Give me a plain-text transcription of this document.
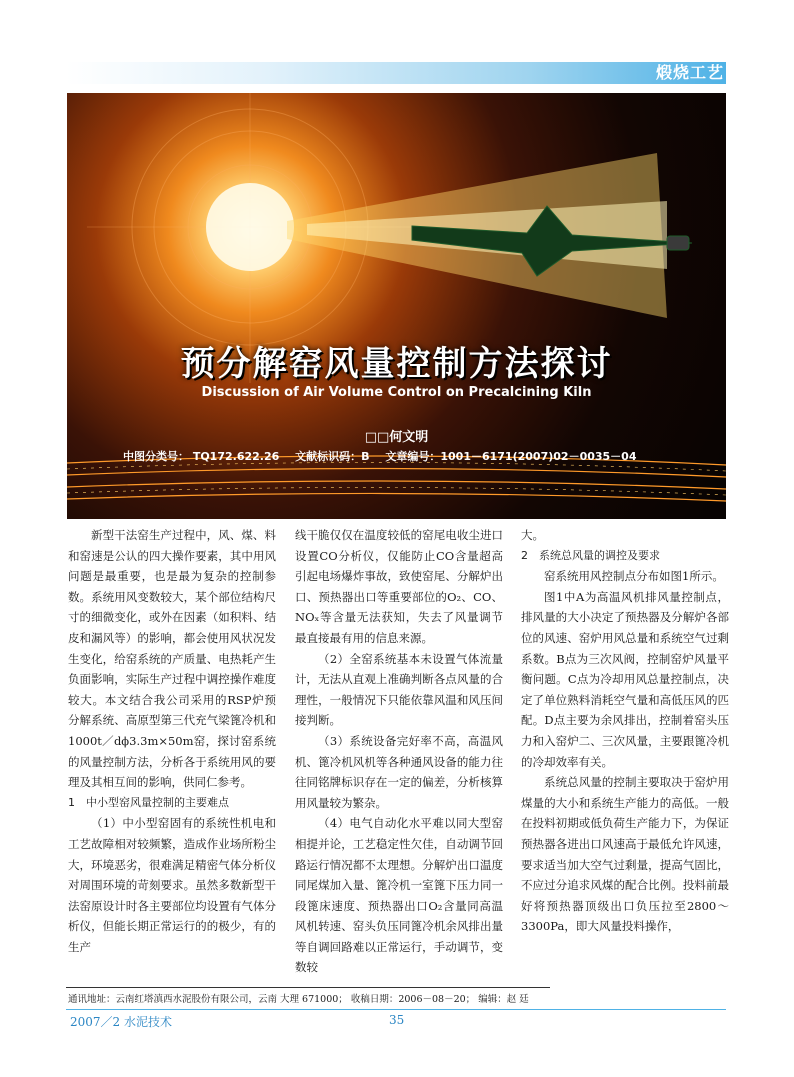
煅烧工艺
预分解窑风量控制方法探讨
Discussion of Air Volume Control on Precalcining Kiln
□□何文明
中图分类号： TQ172.622.26 文献标识码：B 文章编号：1001－6171(2007)02－0035－04

新型干法窑生产过程中，风、煤、料和窑速是公认的四大操作要素，其中用风问题是最重要，也是最为复杂的控制参数。系统用风变数较大，某个部位结构尺寸的细微变化，或外在因素（如积料、结皮和漏风等）的影响，都会使用风状况发生变化，给窑系统的产质量、电热耗产生负面影响，实际生产过程中调控操作难度较大。本文结合我公司采用的RSP炉预分解系统、高原型第三代充气梁篦冷机和1000t／dϕ3.3m×50m窑，探讨窑系统的风量控制方法，分析各于系统用风的要理及其相互间的影响，供同仁参考。

1　中小型窑风量控制的主要难点

（1）中小型窑固有的系统性机电和工艺故障相对较频繁，造成作业场所粉尘大，环境恶劣，很难满足精密气体分析仪对周围环境的苛刻要求。虽然多数新型干法窑原设计时各主要部位均设置有气体分析仪，但能长期正常运行的的极少，有的生产

线干脆仅仅在温度较低的窑尾电收尘进口设置CO分析仪，仅能防止CO含量超高引起电场爆炸事故，致使窑尾、分解炉出口、预热器出口等重要部位的O₂、CO、NOₓ等含量无法获知，失去了风量调节最直接最有用的信息来源。

（2）全窑系统基本未设置气体流量计，无法从直观上准确判断各点风量的合理性，一般情况下只能依靠风温和风压间接判断。

（3）系统设备完好率不高，高温风机、篦冷机风机等各种通风设备的能力往往同铭牌标识存在一定的偏差，分析核算用风量较为繁杂。

（4）电气自动化水平难以同大型窑相提并论，工艺稳定性欠佳，自动调节回路运行情况都不太理想。分解炉出口温度同尾煤加入量、篦冷机一室篦下压力同一段篦床速度、预热器出口O₂含量同高温风机转速、窑头负压同篦冷机余风排出量等自调回路难以正常运行，手动调节，变数较

大。

2　系统总风量的调控及要求

窑系统用风控制点分布如图1所示。

图1中A为高温风机排风量控制点，排风量的大小决定了预热器及分解炉各部位的风速、窑炉用风总量和系统空气过剩系数。B点为三次风阀，控制窑炉风量平衡问题。C点为冷却用风总量控制点，决定了单位熟料消耗空气量和高低压风的匹配。D点主要为余风排出，控制着窑头压力和入窑炉二、三次风量，主要跟篦冷机的冷却效率有关。

系统总风量的控制主要取决于窑炉用煤量的大小和系统生产能力的高低。一般在投料初期或低负荷生产能力下，为保证预热器各进出口风速高于最低允许风速，要求适当加大空气过剩量，提高气固比，不应过分追求风煤的配合比例。投料前最好将预热器顶级出口负压拉至2800～3300Pa，即大风量投料操作，

通讯地址：云南红塔滇西水泥股份有限公司，云南 大理 671000； 收稿日期：2006－08－20； 编辑：赵 廷
2007／2 水泥技术	35
